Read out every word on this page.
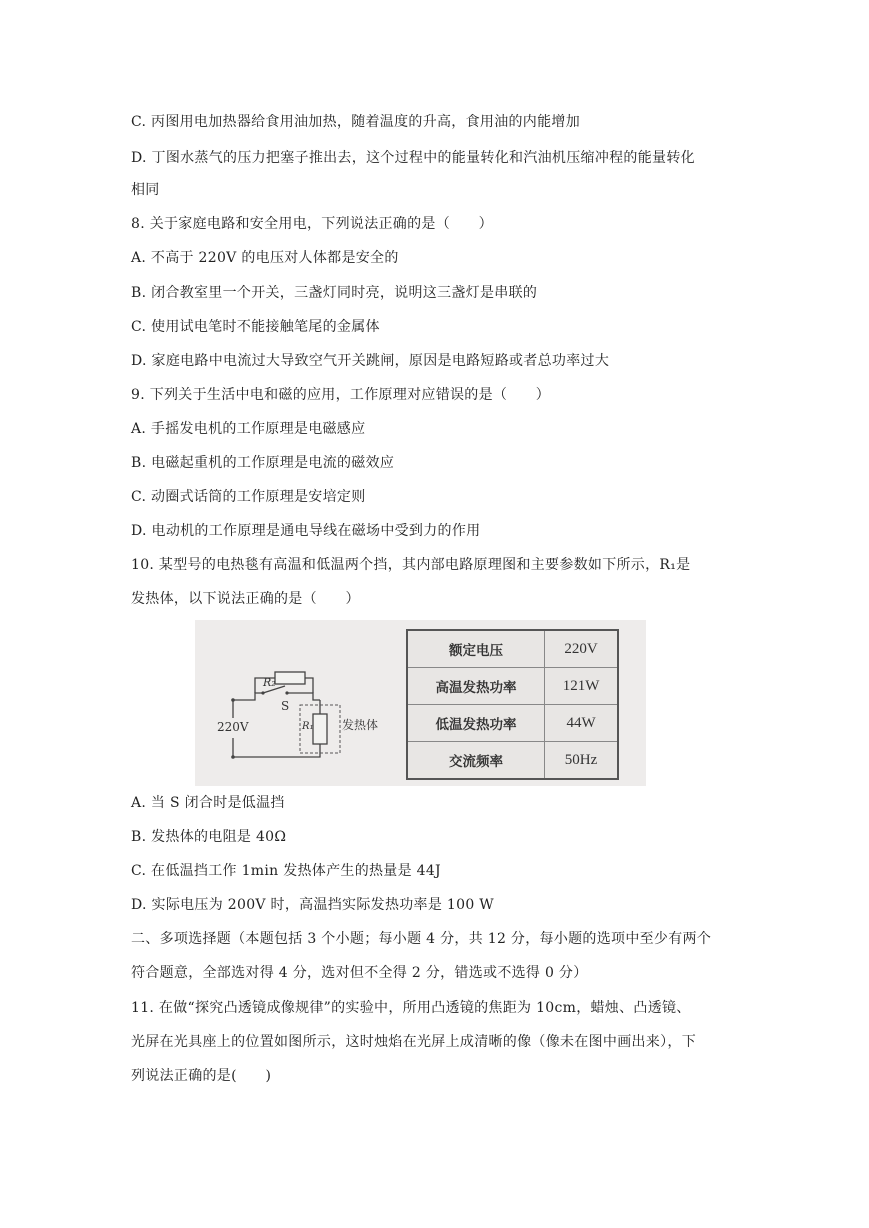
C. 丙图用电加热器给食用油加热，随着温度的升高，食用油的内能增加
D. 丁图水蒸气的压力把塞子推出去，这个过程中的能量转化和汽油机压缩冲程的能量转化
相同
8. 关于家庭电路和安全用电，下列说法正确的是（　　）
A. 不高于 220V 的电压对人体都是安全的
B. 闭合教室里一个开关，三盏灯同时亮，说明这三盏灯是串联的
C. 使用试电笔时不能接触笔尾的金属体
D. 家庭电路中电流过大导致空气开关跳闸，原因是电路短路或者总功率过大
9. 下列关于生活中电和磁的应用，工作原理对应错误的是（　　）
A. 手摇发电机的工作原理是电磁感应
B. 电磁起重机的工作原理是电流的磁效应
C. 动圈式话筒的工作原理是安培定则
D. 电动机的工作原理是通电导线在磁场中受到力的作用
10. 某型号的电热毯有高温和低温两个挡，其内部电路原理图和主要参数如下所示，R₁是
发热体，以下说法正确的是（　　）
R₂
S
220V	R₁ 发热体
额定电压	220V
高温发热功率	121W
低温发热功率	44W
交流频率	50Hz
A. 当 S 闭合时是低温挡
B. 发热体的电阻是 40Ω
C. 在低温挡工作 1min 发热体产生的热量是 44J
D. 实际电压为 200V 时，高温挡实际发热功率是 100 W
二、多项选择题（本题包括 3 个小题；每小题 4 分，共 12 分，每小题的选项中至少有两个
符合题意，全部选对得 4 分，选对但不全得 2 分，错选或不选得 0 分）
11. 在做“探究凸透镜成像规律”的实验中，所用凸透镜的焦距为 10cm，蜡烛、凸透镜、
光屏在光具座上的位置如图所示，这时烛焰在光屏上成清晰的像（像未在图中画出来），下
列说法正确的是(　　)
